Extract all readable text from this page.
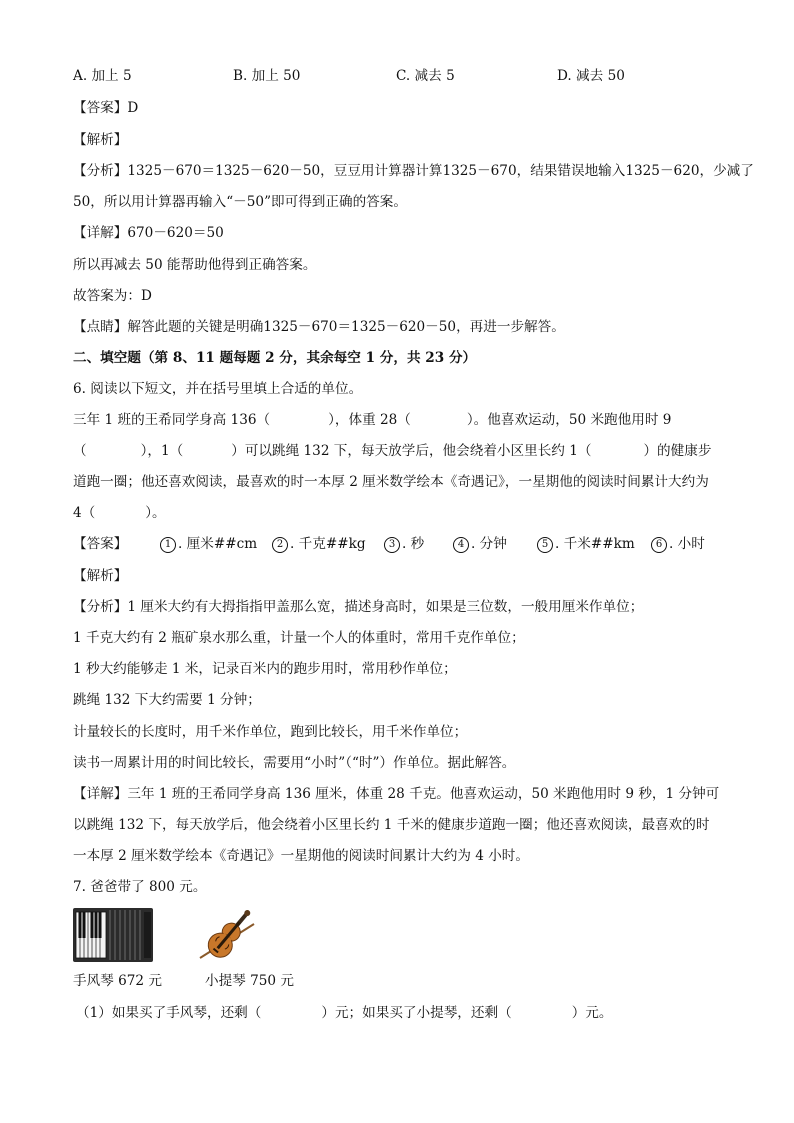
A. 加上 5	B. 加上 50	C. 减去 5	D. 减去 50
【答案】D
【解析】
【分析】1325－670＝1325－620－50，豆豆用计算器计算1325－670，结果错误地输入1325－620，少减了
50，所以用计算器再输入“－50”即可得到正确的答案。
【详解】670－620＝50
所以再减去 50 能帮助他得到正确答案。
故答案为：D
【点睛】解答此题的关键是明确1325－670＝1325－620－50，再进一步解答。
二、填空题（第 8、11 题每题 2 分，其余每空 1 分，共 23 分）
6. 阅读以下短文，并在括号里填上合适的单位。
三年 1 班的王希同学身高 136（	），体重 28（	）。他喜欢运动，50 米跑他用时 9
（	），1（	）可以跳绳 132 下，每天放学后，他会绕着小区里长约 1（	）的健康步
道跑一圈；他还喜欢阅读，最喜欢的时一本厚 2 厘米数学绘本《奇遇记》，一星期他的阅读时间累计大约为
4（	）。
【答案】	1 . 厘米##cm	2 . 千克##kg	3 . 秒	4 . 分钟	5 . 千米##km	6 . 小时
【解析】
【分析】1 厘米大约有大拇指指甲盖那么宽，描述身高时，如果是三位数，一般用厘米作单位；
1 千克大约有 2 瓶矿泉水那么重，计量一个人的体重时，常用千克作单位；
1 秒大约能够走 1 米，记录百米内的跑步用时，常用秒作单位；
跳绳 132 下大约需要 1 分钟；
计量较长的长度时，用千米作单位，跑到比较长，用千米作单位；
读书一周累计用的时间比较长，需要用“小时”（“时”）作单位。据此解答。
【详解】三年 1 班的王希同学身高 136 厘米，体重 28 千克。他喜欢运动，50 米跑他用时 9 秒，1 分钟可
以跳绳 132 下，每天放学后，他会绕着小区里长约 1 千米的健康步道跑一圈；他还喜欢阅读，最喜欢的时
一本厚 2 厘米数学绘本《奇遇记》一星期他的阅读时间累计大约为 4 小时。
7. 爸爸带了 800 元。
手风琴 672 元	小提琴 750 元
（1）如果买了手风琴，还剩（	）元；如果买了小提琴，还剩（	）元。
